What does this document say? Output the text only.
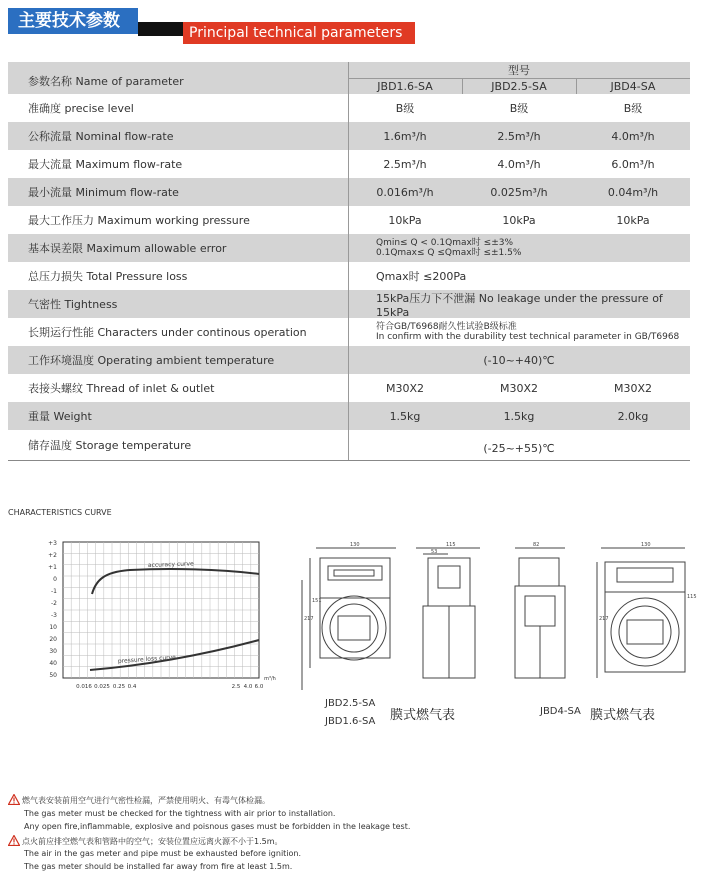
主要技术参数
Principal technical parameters
参数名称 Name of parameter
型号
JBD1.6-SA	JBD2.5-SA	JBD4-SA
准确度 precise level	B级	B级	B级
公称流量 Nominal flow-rate	1.6m³/h	2.5m³/h	4.0m³/h
最大流量 Maximum flow-rate	2.5m³/h	4.0m³/h	6.0m³/h
最小流量 Minimum flow-rate	0.016m³/h	0.025m³/h	0.04m³/h
最大工作压力 Maximum working pressure	10kPa	10kPa	10kPa
基本误差限 Maximum allowable error	Qmin≤ Q < 0.1Qmax时 ≤±3%
0.1Qmax≤ Q ≤Qmax时 ≤±1.5%
总压力损失 Total Pressure loss	Qmax时 ≤200Pa
气密性 Tightness	15kPa压力下不泄漏 No leakage under the pressure of 15kPa
长期运行性能 Characters under continous operation	符合GB/T6968耐久性试验B级标准
In confirm with the durability test technical parameter in GB/T6968
工作环境温度 Operating ambient temperature	(-10~+40)℃
表接头螺纹 Thread of inlet & outlet	M30X2	M30X2	M30X2
重量 Weight	1.5kg	1.5kg	2.0kg
储存温度 Storage temperature	(-25~+55)℃
CHARACTERISTICS CURVE
accuracy curve
pressure loss curve
+3
+2
+1
0
-1
-2
-3
10
20
30
40
50
0.016 0.025 0.25 0.4	2.5 4.0 6.0
m³/h
130	115
53
151
217
82	130
115
217
JBD2.5-SA
JBD1.6-SA 膜式燃气表	JBD4-SA 膜式燃气表
燃气表安装前用空气进行气密性检漏，严禁使用明火、有毒气体检漏。
The gas meter must be checked for the tightness with air prior to installation.
Any open fire,inflammable, explosive and poisnous gases must be forbidden in the leakage test.
点火前应排空燃气表和管路中的空气；安装位置应远离火源不小于1.5m。
The air in the gas meter and pipe must be exhausted before ignition.
The gas meter should be installed far away from fire at least 1.5m.
